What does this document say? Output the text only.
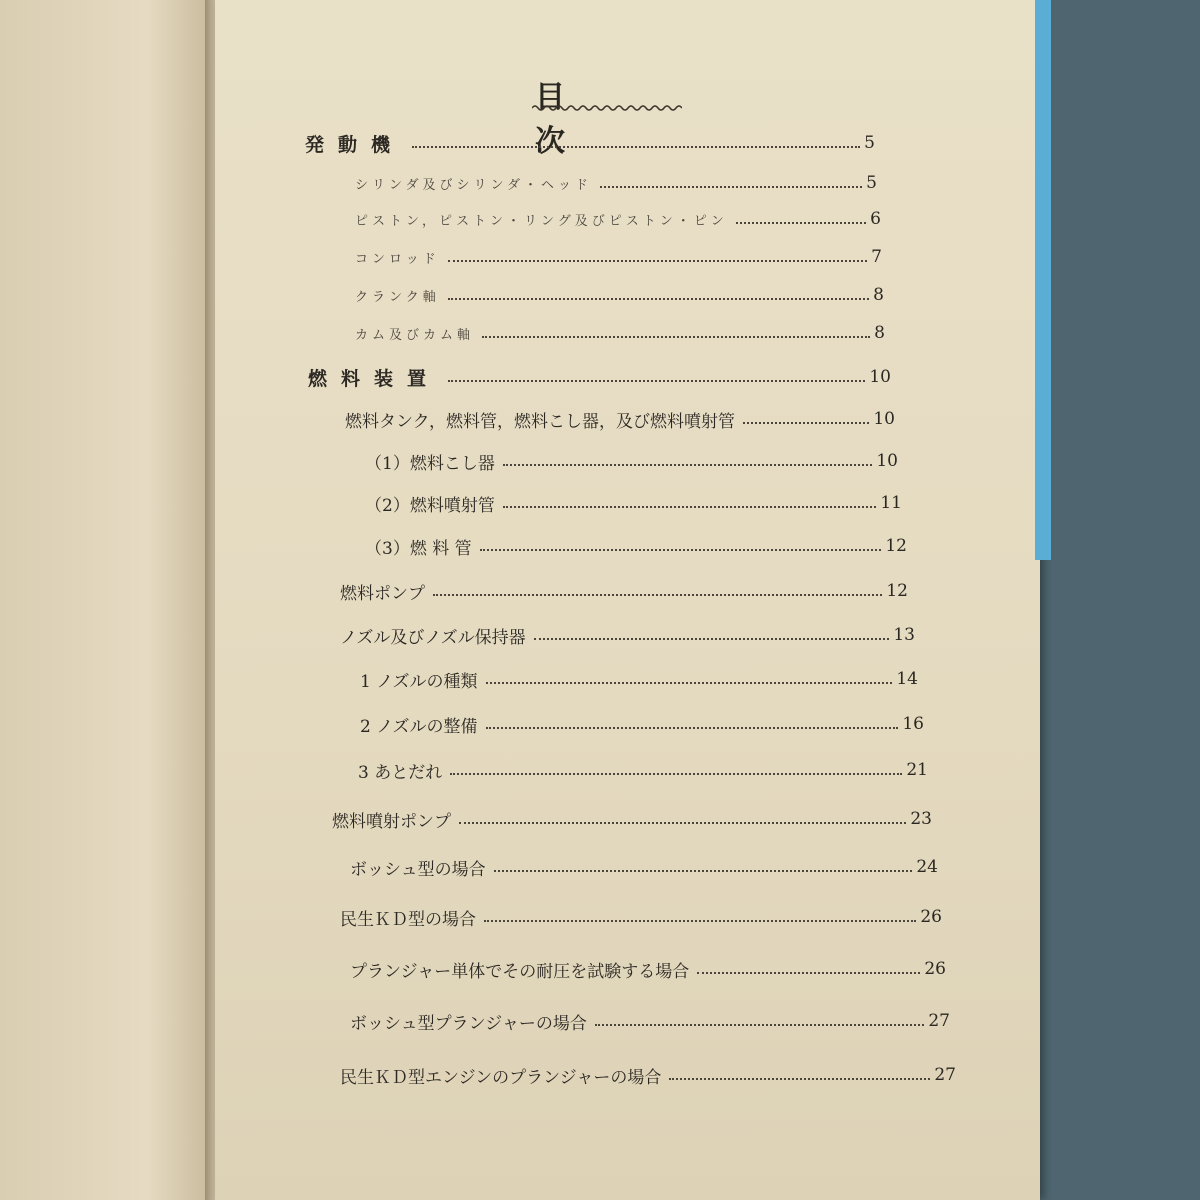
目 次
発動機	5
シリンダ及びシリンダ・ヘッド	5
ピストン，ピストン・リング及びピストン・ピン	6
コンロッド	7
クランク軸	8
カム及びカム軸	8
燃料装置	10
燃料タンク，燃料管，燃料こし器，及び燃料噴射管	10
（1）燃料こし器	10
（2）燃料噴射管	11
（3）燃 料 管	12
燃料ポンプ	12
ノズル及びノズル保持器	13
1 ノズルの種類	14
2 ノズルの整備	16
3 あとだれ	21
燃料噴射ポンプ	23
ボッシュ型の場合	24
民生ＫＤ型の場合	26
プランジャー単体でその耐圧を試験する場合	26
ボッシュ型プランジャーの場合	27
民生ＫＤ型エンジンのプランジャーの場合	27
